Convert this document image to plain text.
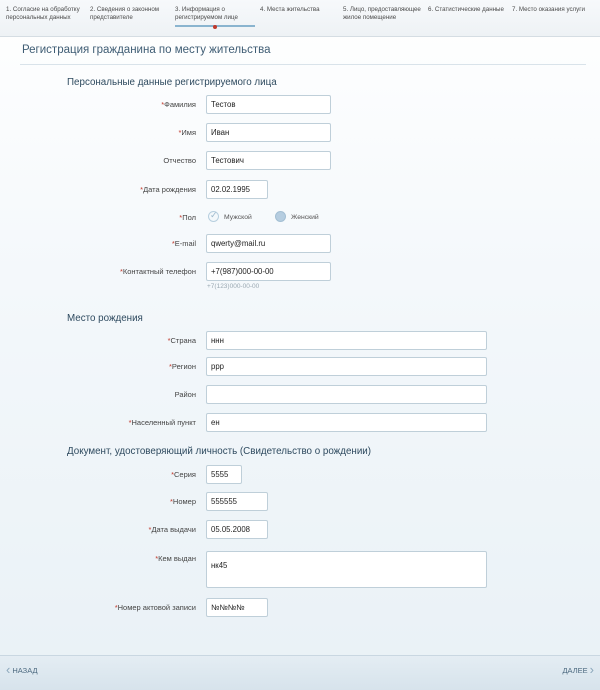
1. Согласие на обработку персональных данных
2. Сведения о законном представителе
3. Информация о регистрируемом лице
4. Места жительства	5. Лицо, предоставляющее жилое помещение
6. Статистические данные	7. Место оказания услуги
Регистрация гражданина по месту жительства
Персональные данные регистрируемого лица
*Фамилия
Тестов
*Имя
Иван
Отчество
Тестович
*Дата рождения
02.02.1995
*Пол
✓	Мужской	Женский
*E-mail
qwerty@mail.ru
*Контактный телефон
+7(987)000-00-00
+7(123)000-00-00
Место рождения
*Страна
ннн
*Регион
ррр
Район
*Населенный пункт
ен
Документ, удостоверяющий личность (Свидетельство о рождении)
*Серия
5555
*Номер
555555
*Дата выдачи
05.05.2008
*Кем выдан
нк45
*Номер актовой записи
№№№№
‹ НАЗАД	ДАЛЕЕ ›
